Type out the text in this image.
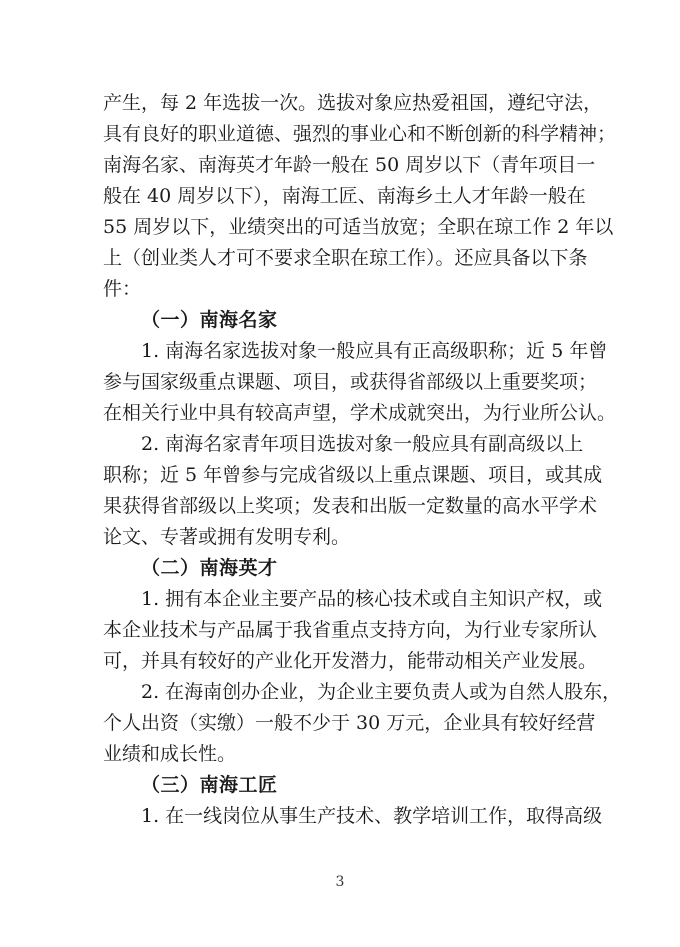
产生，每 2 年选拔一次。选拔对象应热爱祖国，遵纪守法，
具有良好的职业道德、强烈的事业心和不断创新的科学精神；
南海名家、南海英才年龄一般在 50 周岁以下（青年项目一
般在 40 周岁以下），南海工匠、南海乡土人才年龄一般在
55 周岁以下，业绩突出的可适当放宽；全职在琼工作 2 年以
上（创业类人才可不要求全职在琼工作）。还应具备以下条
件：
（一）南海名家
1. 南海名家选拔对象一般应具有正高级职称；近 5 年曾
参与国家级重点课题、项目，或获得省部级以上重要奖项；
在相关行业中具有较高声望，学术成就突出，为行业所公认。
2. 南海名家青年项目选拔对象一般应具有副高级以上
职称；近 5 年曾参与完成省级以上重点课题、项目，或其成
果获得省部级以上奖项；发表和出版一定数量的高水平学术
论文、专著或拥有发明专利。
（二）南海英才
1. 拥有本企业主要产品的核心技术或自主知识产权，或
本企业技术与产品属于我省重点支持方向，为行业专家所认
可，并具有较好的产业化开发潜力，能带动相关产业发展。
2. 在海南创办企业，为企业主要负责人或为自然人股东，
个人出资（实缴）一般不少于 30 万元，企业具有较好经营
业绩和成长性。
（三）南海工匠
1. 在一线岗位从事生产技术、教学培训工作，取得高级
3
